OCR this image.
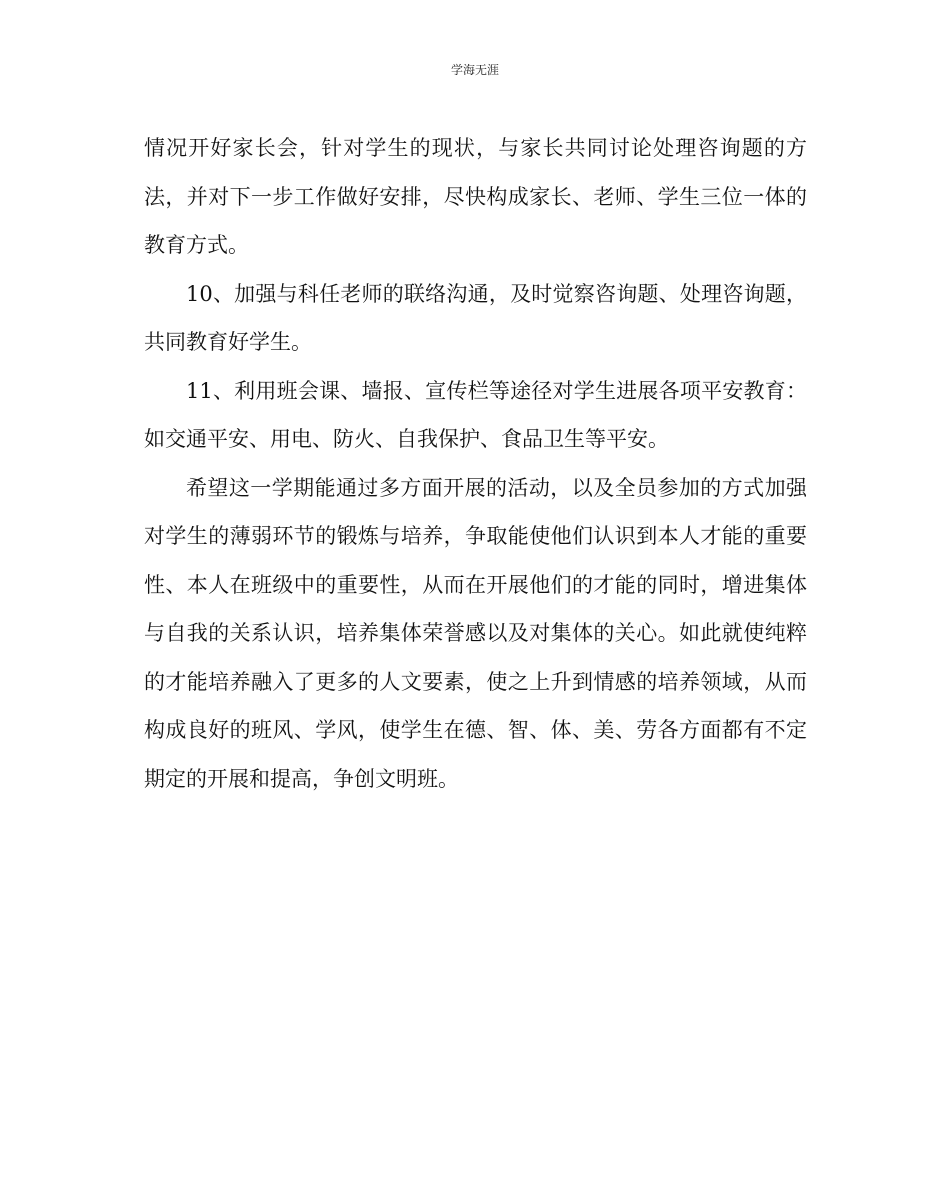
学海无涯

情况开好家长会，针对学生的现状，与家长共同讨论处理咨询题的方法，并对下一步工作做好安排，尽快构成家长、老师、学生三位一体的教育方式。

10、加强与科任老师的联络沟通，及时觉察咨询题、处理咨询题，共同教育好学生。

11、利用班会课、墙报、宣传栏等途径对学生进展各项平安教育：如交通平安、用电、防火、自我保护、食品卫生等平安。

希望这一学期能通过多方面开展的活动，以及全员参加的方式加强对学生的薄弱环节的锻炼与培养，争取能使他们认识到本人才能的重要性、本人在班级中的重要性，从而在开展他们的才能的同时，增进集体与自我的关系认识，培养集体荣誉感以及对集体的关心。如此就使纯粹的才能培养融入了更多的人文要素，使之上升到情感的培养领域，从而构成良好的班风、学风，使学生在德、智、体、美、劳各方面都有不定期定的开展和提高，争创文明班。
